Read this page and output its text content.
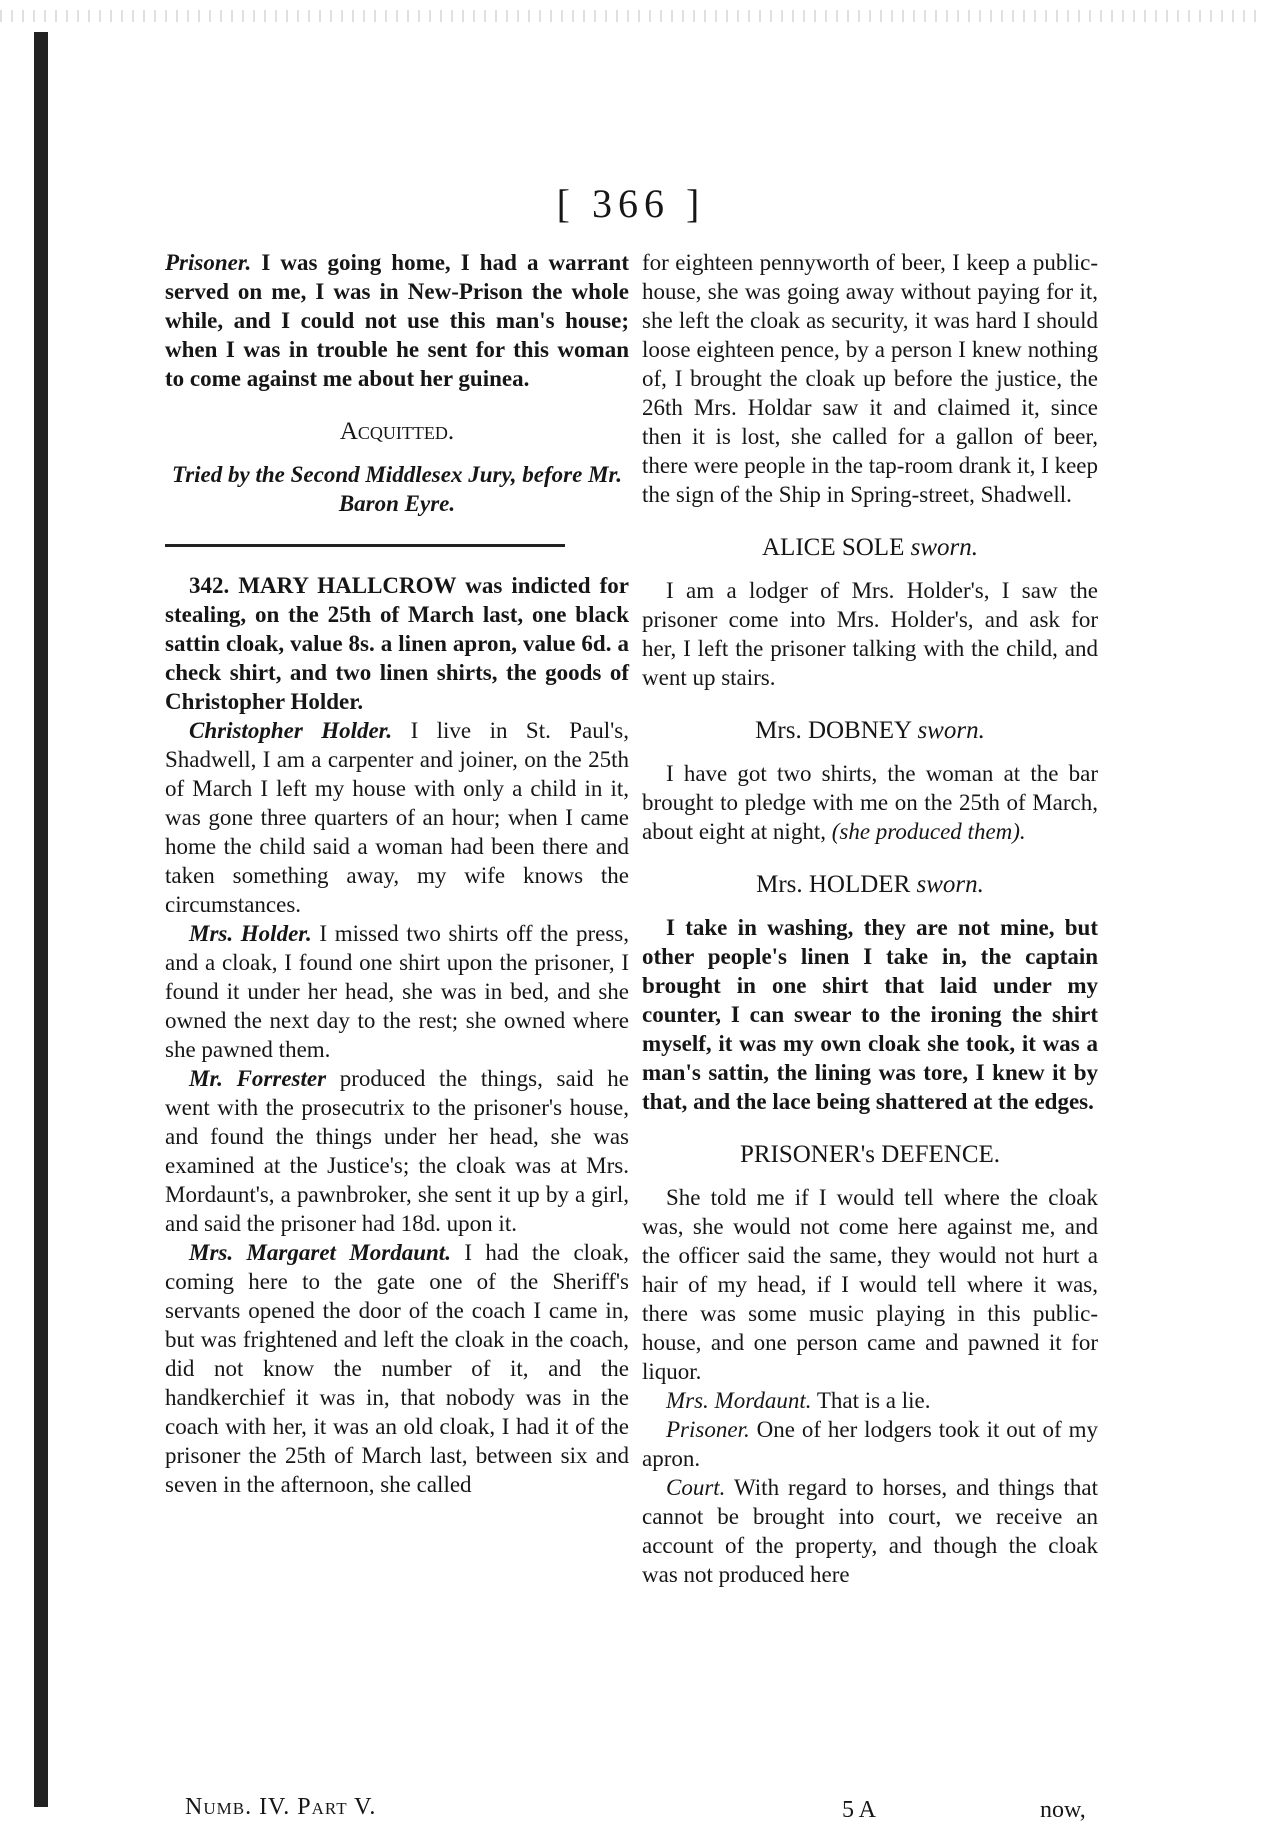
[ 366 ]

Prisoner. I was going home, I had a warrant served on me, I was in New-Prison the whole while, and I could not use this man's house; when I was in trouble he sent for this woman to come against me about her guinea.

Acquitted.

Tried by the Second Middlesex Jury, before Mr. Baron Eyre.

342. MARY HALLCROW was indicted for stealing, on the 25th of March last, one black sattin cloak, value 8s. a linen apron, value 6d. a check shirt, and two linen shirts, the goods of Christopher Holder.

Christopher Holder. I live in St. Paul's, Shadwell, I am a carpenter and joiner, on the 25th of March I left my house with only a child in it, was gone three quarters of an hour; when I came home the child said a woman had been there and taken something away, my wife knows the circumstances.

Mrs. Holder. I missed two shirts off the press, and a cloak, I found one shirt upon the prisoner, I found it under her head, she was in bed, and she owned the next day to the rest; she owned where she pawned them.

Mr. Forrester produced the things, said he went with the prosecutrix to the prisoner's house, and found the things under her head, she was examined at the Justice's; the cloak was at Mrs. Mordaunt's, a pawnbroker, she sent it up by a girl, and said the prisoner had 18d. upon it.

Mrs. Margaret Mordaunt. I had the cloak, coming here to the gate one of the Sheriff's servants opened the door of the coach I came in, but was frightened and left the cloak in the coach, did not know the number of it, and the handkerchief it was in, that nobody was in the coach with her, it was an old cloak, I had it of the prisoner the 25th of March last, between six and seven in the afternoon, she called

for eighteen pennyworth of beer, I keep a public-house, she was going away without paying for it, she left the cloak as security, it was hard I should loose eighteen pence, by a person I knew nothing of, I brought the cloak up before the justice, the 26th Mrs. Holdar saw it and claimed it, since then it is lost, she called for a gallon of beer, there were people in the tap-room drank it, I keep the sign of the Ship in Spring-street, Shadwell.

ALICE SOLE sworn.

I am a lodger of Mrs. Holder's, I saw the prisoner come into Mrs. Holder's, and ask for her, I left the prisoner talking with the child, and went up stairs.

Mrs. DOBNEY sworn.

I have got two shirts, the woman at the bar brought to pledge with me on the 25th of March, about eight at night, (she produced them).

Mrs. HOLDER sworn.

I take in washing, they are not mine, but other people's linen I take in, the captain brought in one shirt that laid under my counter, I can swear to the ironing the shirt myself, it was my own cloak she took, it was a man's sattin, the lining was tore, I knew it by that, and the lace being shattered at the edges.

PRISONER's DEFENCE.

She told me if I would tell where the cloak was, she would not come here against me, and the officer said the same, they would not hurt a hair of my head, if I would tell where it was, there was some music playing in this public-house, and one person came and pawned it for liquor.

Mrs. Mordaunt. That is a lie.

Prisoner. One of her lodgers took it out of my apron.

Court. With regard to horses, and things that cannot be brought into court, we receive an account of the property, and though the cloak was not produced here

Numb. IV. Part V.	5 A	now,
